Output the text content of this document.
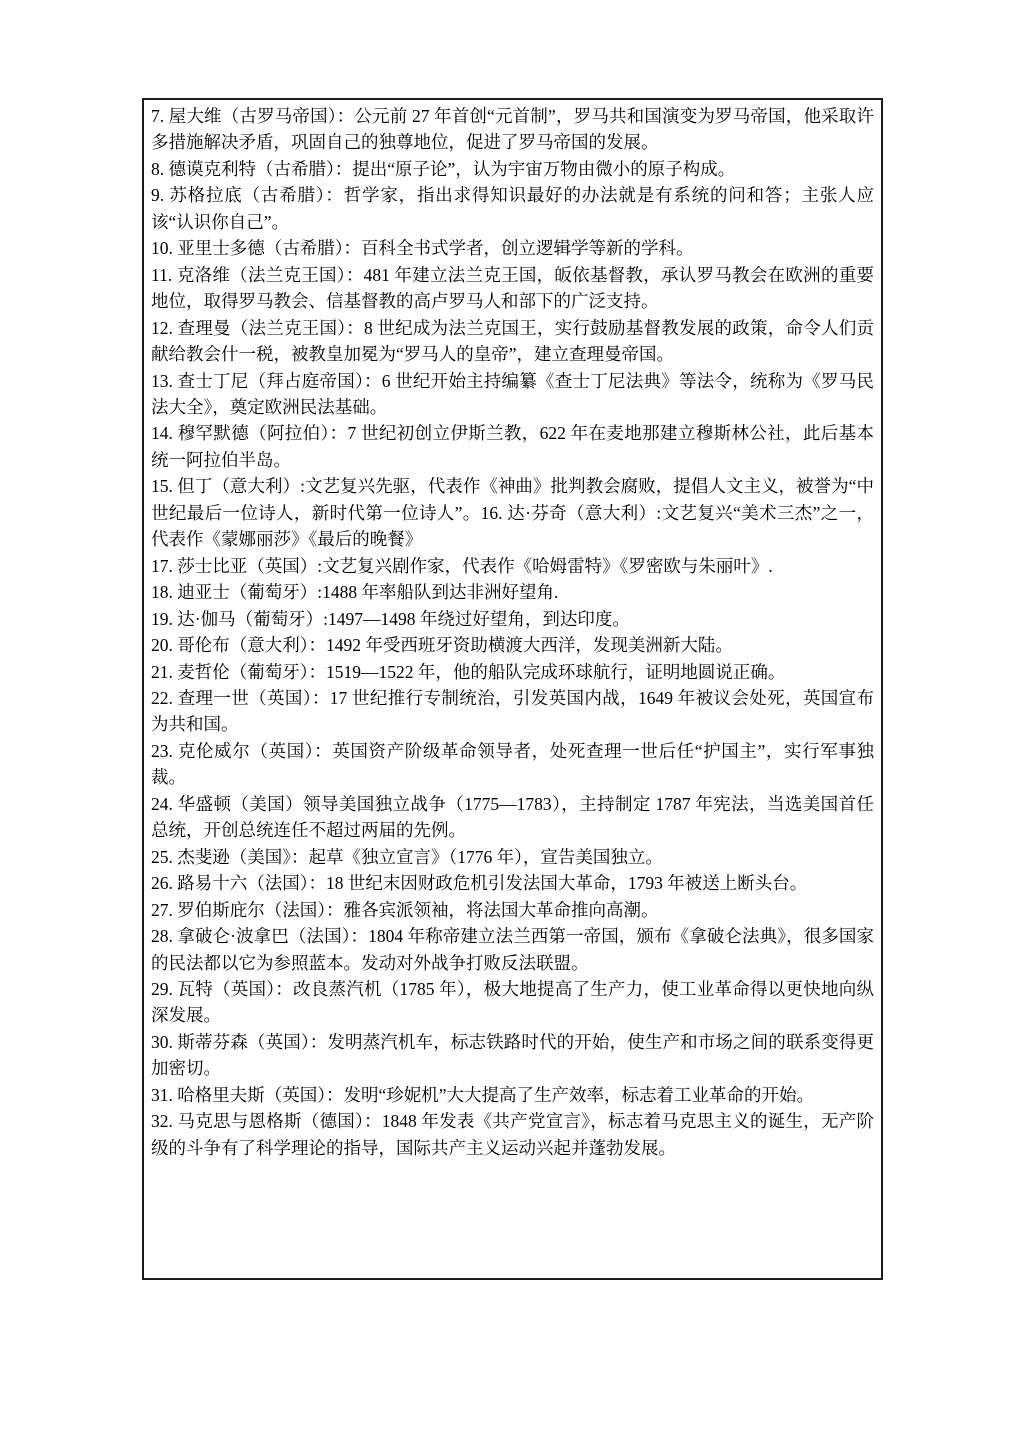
7. 屋大维（古罗马帝国）：公元前 27 年首创“元首制”，罗马共和国演变为罗马帝国，他采取许多措施解决矛盾，巩固自己的独尊地位，促进了罗马帝国的发展。

8. 德谟克利特（古希腊）：提出“原子论”，认为宇宙万物由微小的原子构成。

9. 苏格拉底（古希腊）：哲学家，指出求得知识最好的办法就是有系统的问和答；主张人应该“认识你自己”。

10. 亚里士多德（古希腊）：百科全书式学者，创立逻辑学等新的学科。

11. 克洛维（法兰克王国）：481 年建立法兰克王国，皈依基督教，承认罗马教会在欧洲的重要地位，取得罗马教会、信基督教的高卢罗马人和部下的广泛支持。

12. 查理曼（法兰克王国）：8 世纪成为法兰克国王，实行鼓励基督教发展的政策，命令人们贡献给教会什一税，被教皇加冕为“罗马人的皇帝”，建立查理曼帝国。

13. 查士丁尼（拜占庭帝国）：6 世纪开始主持编纂《查士丁尼法典》等法令，统称为《罗马民法大全》，奠定欧洲民法基础。

14. 穆罕默德（阿拉伯）：7 世纪初创立伊斯兰教，622 年在麦地那建立穆斯林公社，此后基本统一阿拉伯半岛。

15. 但丁（意大利）:文艺复兴先驱，代表作《神曲》批判教会腐败，提倡人文主义，被誉为“中世纪最后一位诗人，新时代第一位诗人”。16. 达·芬奇（意大利）:文艺复兴“美术三杰”之一，代表作《蒙娜丽莎》《最后的晚餐》

17. 莎士比亚（英国）:文艺复兴剧作家，代表作《哈姆雷特》《罗密欧与朱丽叶》.

18. 迪亚士（葡萄牙）:1488 年率船队到达非洲好望角.

19. 达·伽马（葡萄牙）:1497—1498 年绕过好望角，到达印度。

20. 哥伦布（意大利）：1492 年受西班牙资助横渡大西洋，发现美洲新大陆。

21. 麦哲伦（葡萄牙）：1519—1522 年，他的船队完成环球航行，证明地圆说正确。

22. 查理一世（英国）：17 世纪推行专制统治，引发英国内战，1649 年被议会处死，英国宣布为共和国。

23. 克伦威尔（英国）：英国资产阶级革命领导者，处死查理一世后任“护国主”，实行军事独裁。

24. 华盛顿（美国）领导美国独立战争（1775—1783），主持制定 1787 年宪法，当选美国首任总统，开创总统连任不超过两届的先例。

25. 杰斐逊（美国》：起草《独立宣言》（1776 年），宣告美国独立。

26. 路易十六（法国）：18 世纪末因财政危机引发法国大革命，1793 年被送上断头台。

27. 罗伯斯庇尔（法国）：雅各宾派领袖，将法国大革命推向高潮。

28. 拿破仑·波拿巴（法国）：1804 年称帝建立法兰西第一帝国，颁布《拿破仑法典》，很多国家的民法都以它为参照蓝本。发动对外战争打败反法联盟。

29. 瓦特（英国）：改良蒸汽机（1785 年），极大地提高了生产力，使工业革命得以更快地向纵深发展。

30. 斯蒂芬森（英国）：发明蒸汽机车，标志铁路时代的开始，使生产和市场之间的联系变得更加密切。

31. 哈格里夫斯（英国）：发明“珍妮机”大大提高了生产效率，标志着工业革命的开始。

32. 马克思与恩格斯（德国）：1848 年发表《共产党宣言》，标志着马克思主义的诞生，无产阶级的斗争有了科学理论的指导，国际共产主义运动兴起并蓬勃发展。
